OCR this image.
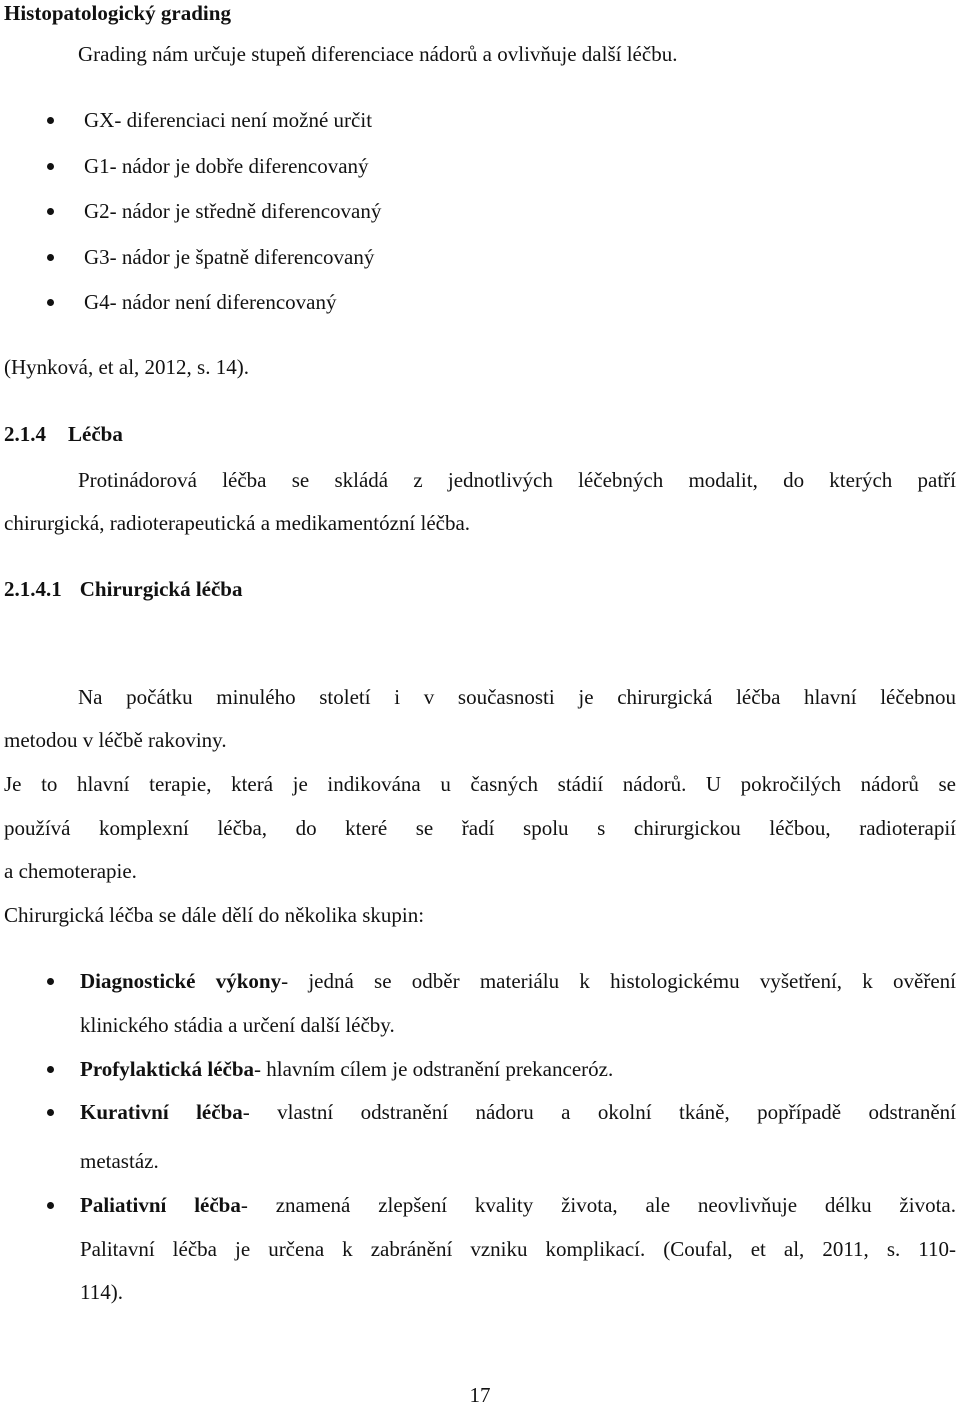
Histopatologický grading
Grading nám určuje stupeň diferenciace nádorů a ovlivňuje další léčbu.
GX- diferenciaci není možné určit
G1- nádor je dobře diferencovaný
G2- nádor je středně diferencovaný
G3- nádor je špatně diferencovaný
G4- nádor není diferencovaný
(Hynková, et al, 2012, s. 14).
2.1.4 Léčba
Protinádorová léčba se skládá z jednotlivých léčebných modalit, do kterých patří
chirurgická, radioterapeutická a medikamentózní léčba.
2.1.4.1 Chirurgická léčba
Na počátku minulého století i v současnosti je chirurgická léčba hlavní léčebnou
metodou v léčbě rakoviny.
Je to hlavní terapie, která je indikována u časných stádií nádorů. U pokročilých nádorů se
používá komplexní léčba, do které se řadí spolu s chirurgickou léčbou, radioterapií
a chemoterapie.
Chirurgická léčba se dále dělí do několika skupin:
Diagnostické výkony- jedná se odběr materiálu k histologickému vyšetření, k ověření
klinického stádia a určení další léčby.
Profylaktická léčba- hlavním cílem je odstranění prekanceróz.
Kurativní léčba- vlastní odstranění nádoru a okolní tkáně, popřípadě odstranění
metastáz.
Paliativní léčba- znamená zlepšení kvality života, ale neovlivňuje délku života.
Palitavní léčba je určena k zabránění vzniku komplikací. (Coufal, et al, 2011, s. 110-
114).
17
